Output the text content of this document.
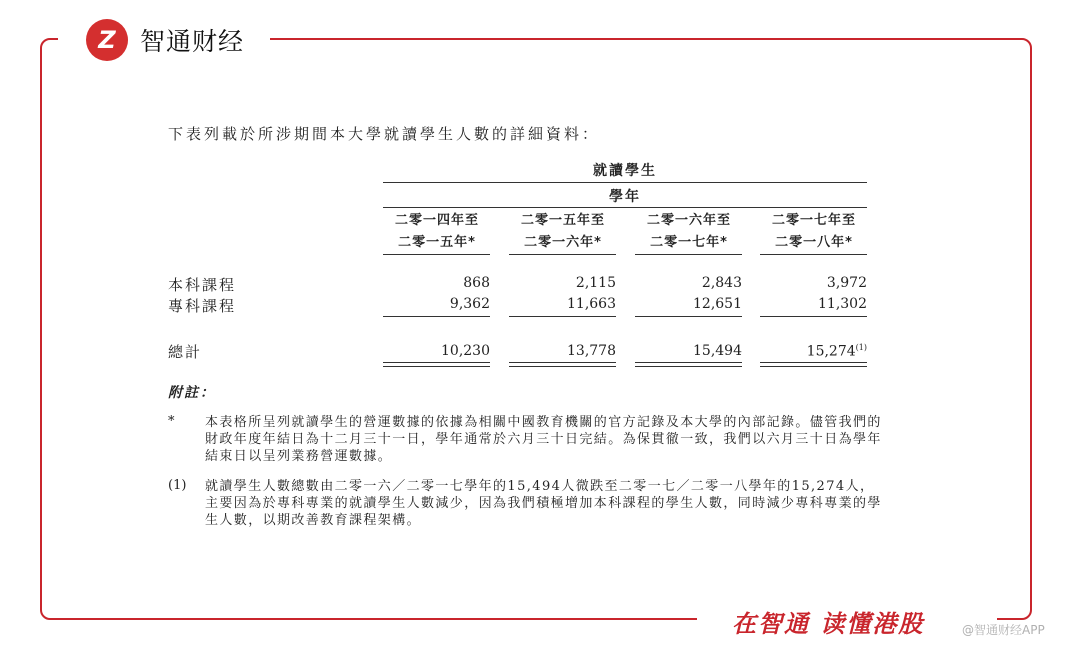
Z 智通财经
下表列載於所涉期間本大學就讀學生人數的詳細資料：
就讀學生
學年
二零一四年至
二零一五年*
二零一五年至
二零一六年*
二零一六年至
二零一七年*
二零一七年至
二零一八年*
本科課程	868	2,115	2,843	3,972
專科課程	9,362	11,663	12,651	11,302
總計	10,230	13,778	15,494	15,274$^{(1)}$
附註：
* 本表格所呈列就讀學生的營運數據的依據為相關中國教育機關的官方記錄及本大學的內部記錄。儘管我們的財政年度年結日為十二月三十一日，學年通常於六月三十日完結。為保貫徹一致，我們以六月三十日為學年結束日以呈列業務營運數據。
(1) 就讀學生人數總數由二零一六／二零一七學年的15,494人微跌至二零一七／二零一八學年的15,274人，主要因為於專科專業的就讀學生人數減少，因為我們積極增加本科課程的學生人數，同時減少專科專業的學生人數，以期改善教育課程架構。
在智通 读懂港股	@智通财经APP
